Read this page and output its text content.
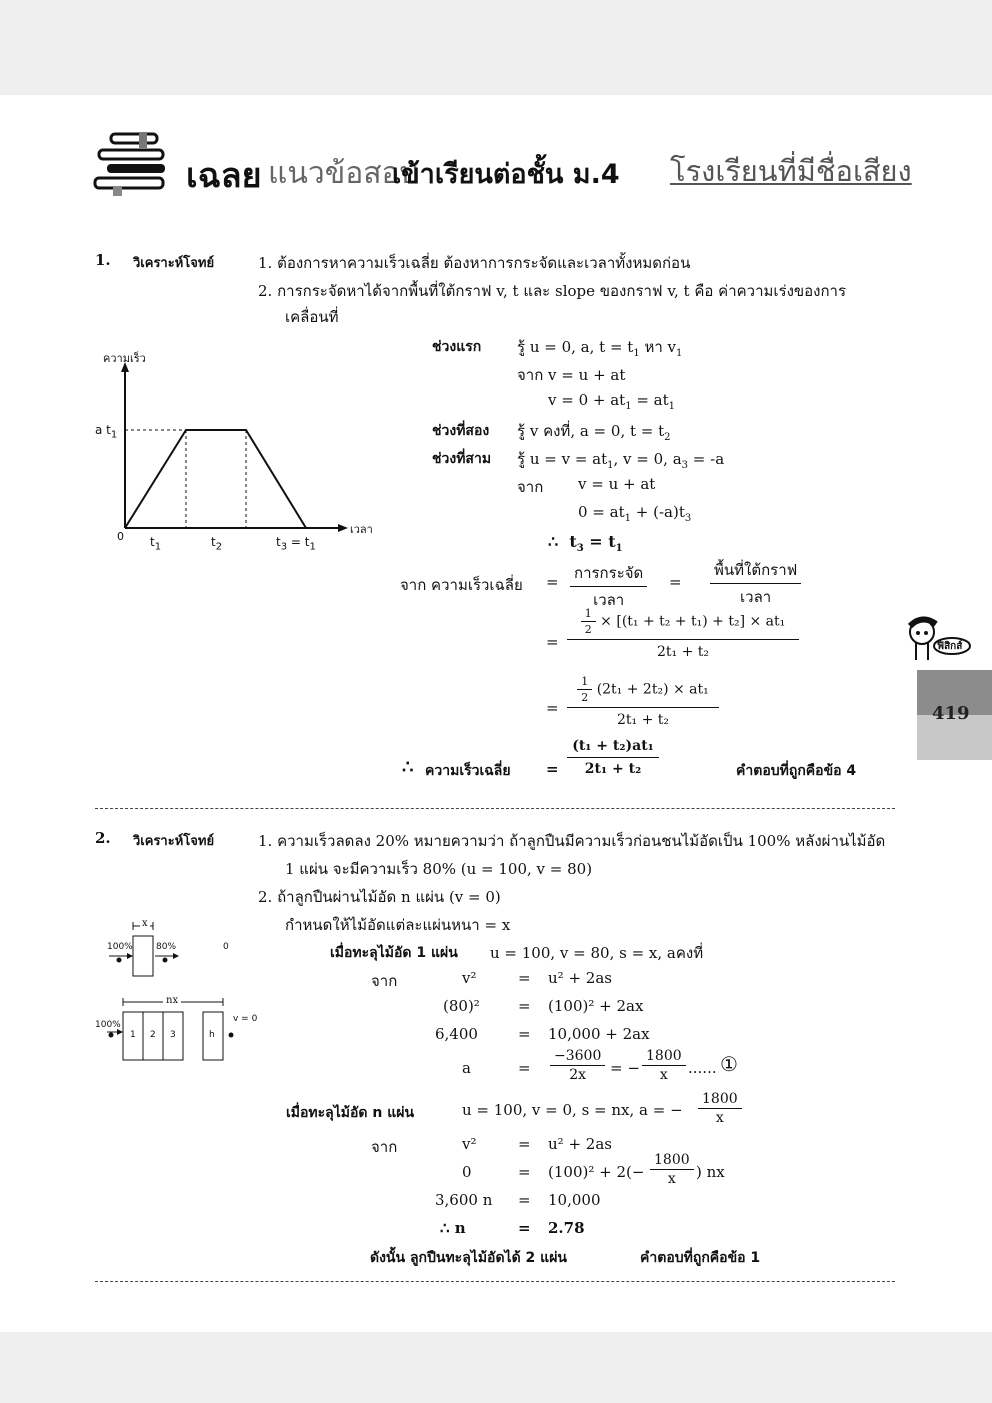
เฉลย แนวข้อสอบ
เข้าเรียนต่อชั้น ม.4 โรงเรียนที่มีชื่อเสียง
ฟิสิกส์
419
1. วิเคราะห์โจทย์	1. ต้องการหาความเร็วเฉลี่ย ต้องหาการกระจัดและเวลาทั้งหมดก่อน
2. การกระจัดหาได้จากพื้นที่ใต้กราฟ v, t และ slope ของกราฟ v, t คือ ค่าความเร่งของการ
เคลื่อนที่
ความเร็ว
เวลา
0
a $t_1$
$t_1$	$t_2$	$t_3 = t_1$
ช่วงแรก รู้ u = 0, a, $t = t_1$ หา $v_1$
จาก v = u + at
$v = 0 + at_1 = at_1$
ช่วงที่สอง รู้ v คงที่, a = 0, $t = t_2$
ช่วงที่สาม รู้ $u = v = at_1$, v = 0, $a_3 = -a$
จาก v = u + at
$0 = at_1 + (-a)t_3$
∴ $t_3 = t_1$
จาก ความเร็วเฉลี่ย = $\frac{\text{การกระจัด}}{\text{เวลา}} = \frac{\text{พื้นที่ใต้กราฟ}}{\text{เวลา}}$
=
$\frac{1}{2} \times [(t_1 + t_2 + t_1) + t_2] \times at_1$
2t₁ + t₂
=
$\frac{1}{2} (2t_1 + 2t_2) \times at_1$
2t₁ + t₂
∴ ความเร็วเฉลี่ย =
(t₁ + t₂)at₁
2t₁ + t₂	คำตอบที่ถูกคือข้อ 4
2. วิเคราะห์โจทย์	1. ความเร็วลดลง 20% หมายความว่า ถ้าลูกปืนมีความเร็วก่อนชนไม้อัดเป็น 100% หลังผ่านไม้อัด
1 แผ่น จะมีความเร็ว 80% (u = 100, v = 80)
2. ถ้าลูกปืนผ่านไม้อัด n แผ่น (v = 0)
กำหนดให้ไม้อัดแต่ละแผ่นหนา = x
x
100%	80%	0
nx
100%
1 2 3	h
v = 0
เมื่อทะลุไม้อัด 1 แผ่น u = 100, v = 80, s = x, aคงที่
จาก	v²	= u² + 2as
(80)²	= (100)² + 2ax
6,400	= 10,000 + 2ax
a	= $\frac{-3600}{2x}$ = − $\frac{1800}{x}$ ...... ①
เมื่อทะลุไม้อัด n แผ่น	u = 100, v = 0, s = nx, a = − $\frac{1800}{x}$
จาก	v²	= u² + 2as
0	= $(100)^2 + 2(- \frac{1800}{x}$ ) nx
3,600 n = 10,000
∴ n	= 2.78
ดังนั้น ลูกปืนทะลุไม้อัดได้ 2 แผ่น	คำตอบที่ถูกคือข้อ 1
